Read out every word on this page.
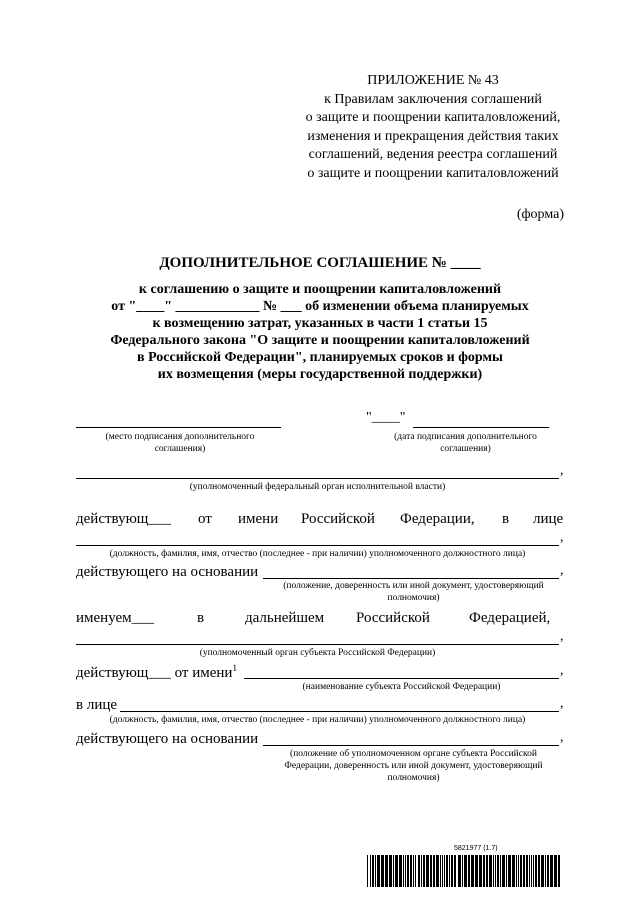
ПРИЛОЖЕНИЕ № 43
к Правилам заключения соглашений
о защите и поощрении капиталовложений,
изменения и прекращения действия таких
соглашений, ведения реестра соглашений
о защите и поощрении капиталовложений
(форма)
ДОПОЛНИТЕЛЬНОЕ СОГЛАШЕНИЕ № ____
к соглашению о защите и поощрении капиталовложений
от "____" ____________ № ___ об изменении объема планируемых
к возмещению затрат, указанных в части 1 статьи 15
Федерального закона "О защите и поощрении капиталовложений
в Российской Федерации", планируемых сроков и формы
их возмещения (меры государственной поддержки)
(место подписания дополнительного соглашения)
"____"
(дата подписания дополнительного соглашения)
,
(уполномоченный федеральный орган исполнительной власти)
действующ___ от имени Российской Федерации, в лице
,
(должность, фамилия, имя, отчество (последнее - при наличии) уполномоченного должностного лица)
действующего на основании	,
(положение, доверенность или иной документ, удостоверяющий полномочия)
именуем___	в	дальнейшем Российской	Федерацией,
,
(уполномоченный орган субъекта Российской Федерации)
действующ___ от имени$^1$	,
(наименование субъекта Российской Федерации)
в лице	,
(должность, фамилия, имя, отчество (последнее - при наличии) уполномоченного должностного лица)
действующего на основании	,
(положение об уполномоченном органе субъекта Российской Федерации, доверенность или иной документ, удостоверяющий полномочия)
5821977 (1.7)
